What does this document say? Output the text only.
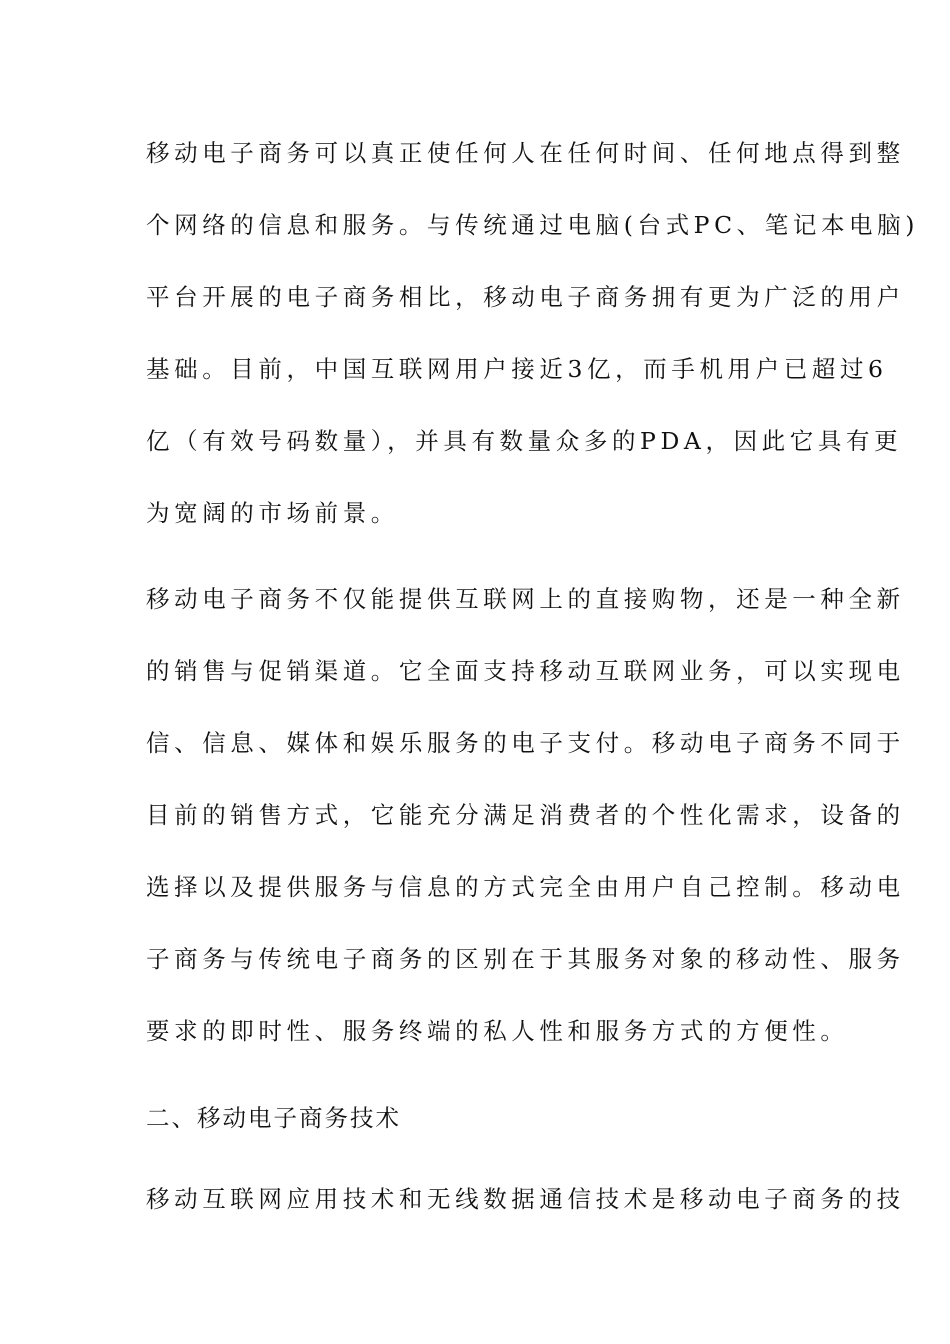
移动电子商务可以真正使任何人在任何时间、任何地点得到整
个网络的信息和服务。与传统通过电脑(台式PC、笔记本电脑)
平台开展的电子商务相比，移动电子商务拥有更为广泛的用户
基础。目前，中国互联网用户接近3亿，而手机用户已超过6
亿（有效号码数量），并具有数量众多的PDA，因此它具有更
为宽阔的市场前景。
移动电子商务不仅能提供互联网上的直接购物，还是一种全新
的销售与促销渠道。它全面支持移动互联网业务，可以实现电
信、信息、媒体和娱乐服务的电子支付。移动电子商务不同于
目前的销售方式，它能充分满足消费者的个性化需求，设备的
选择以及提供服务与信息的方式完全由用户自己控制。移动电
子商务与传统电子商务的区别在于其服务对象的移动性、服务
要求的即时性、服务终端的私人性和服务方式的方便性。
二、移动电子商务技术
移动互联网应用技术和无线数据通信技术是移动电子商务的技
